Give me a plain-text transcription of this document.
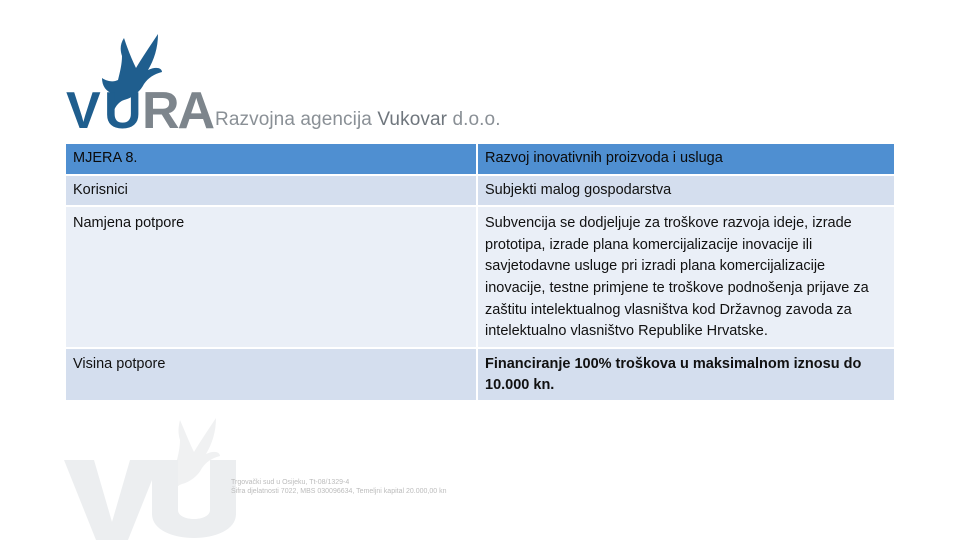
V U RA Razvojna agencija Vukovar d.o.o.
MJERA 8.	Razvoj inovativnih proizvoda i usluga
Korisnici	Subjekti malog gospodarstva
Namjena potpore	Subvencija se dodjeljuje za troškove razvoja ideje, izrade prototipa, izrade plana komercijalizacije inovacije ili savjetodavne usluge pri izradi plana komercijalizacije inovacije, testne primjene te troškove podnošenja prijave za zaštitu intelektualnog vlasništva kod Državnog zavoda za intelektualno vlasništvo Republike Hrvatske.
Visina potpore	Financiranje 100% troškova u maksimalnom iznosu do 10.000 kn.
Trgovački sud u Osijeku, Tt-08/1329-4
Šifra djelatnosti 7022, MBS 030096634, Temeljni kapital 20.000,00 kn
